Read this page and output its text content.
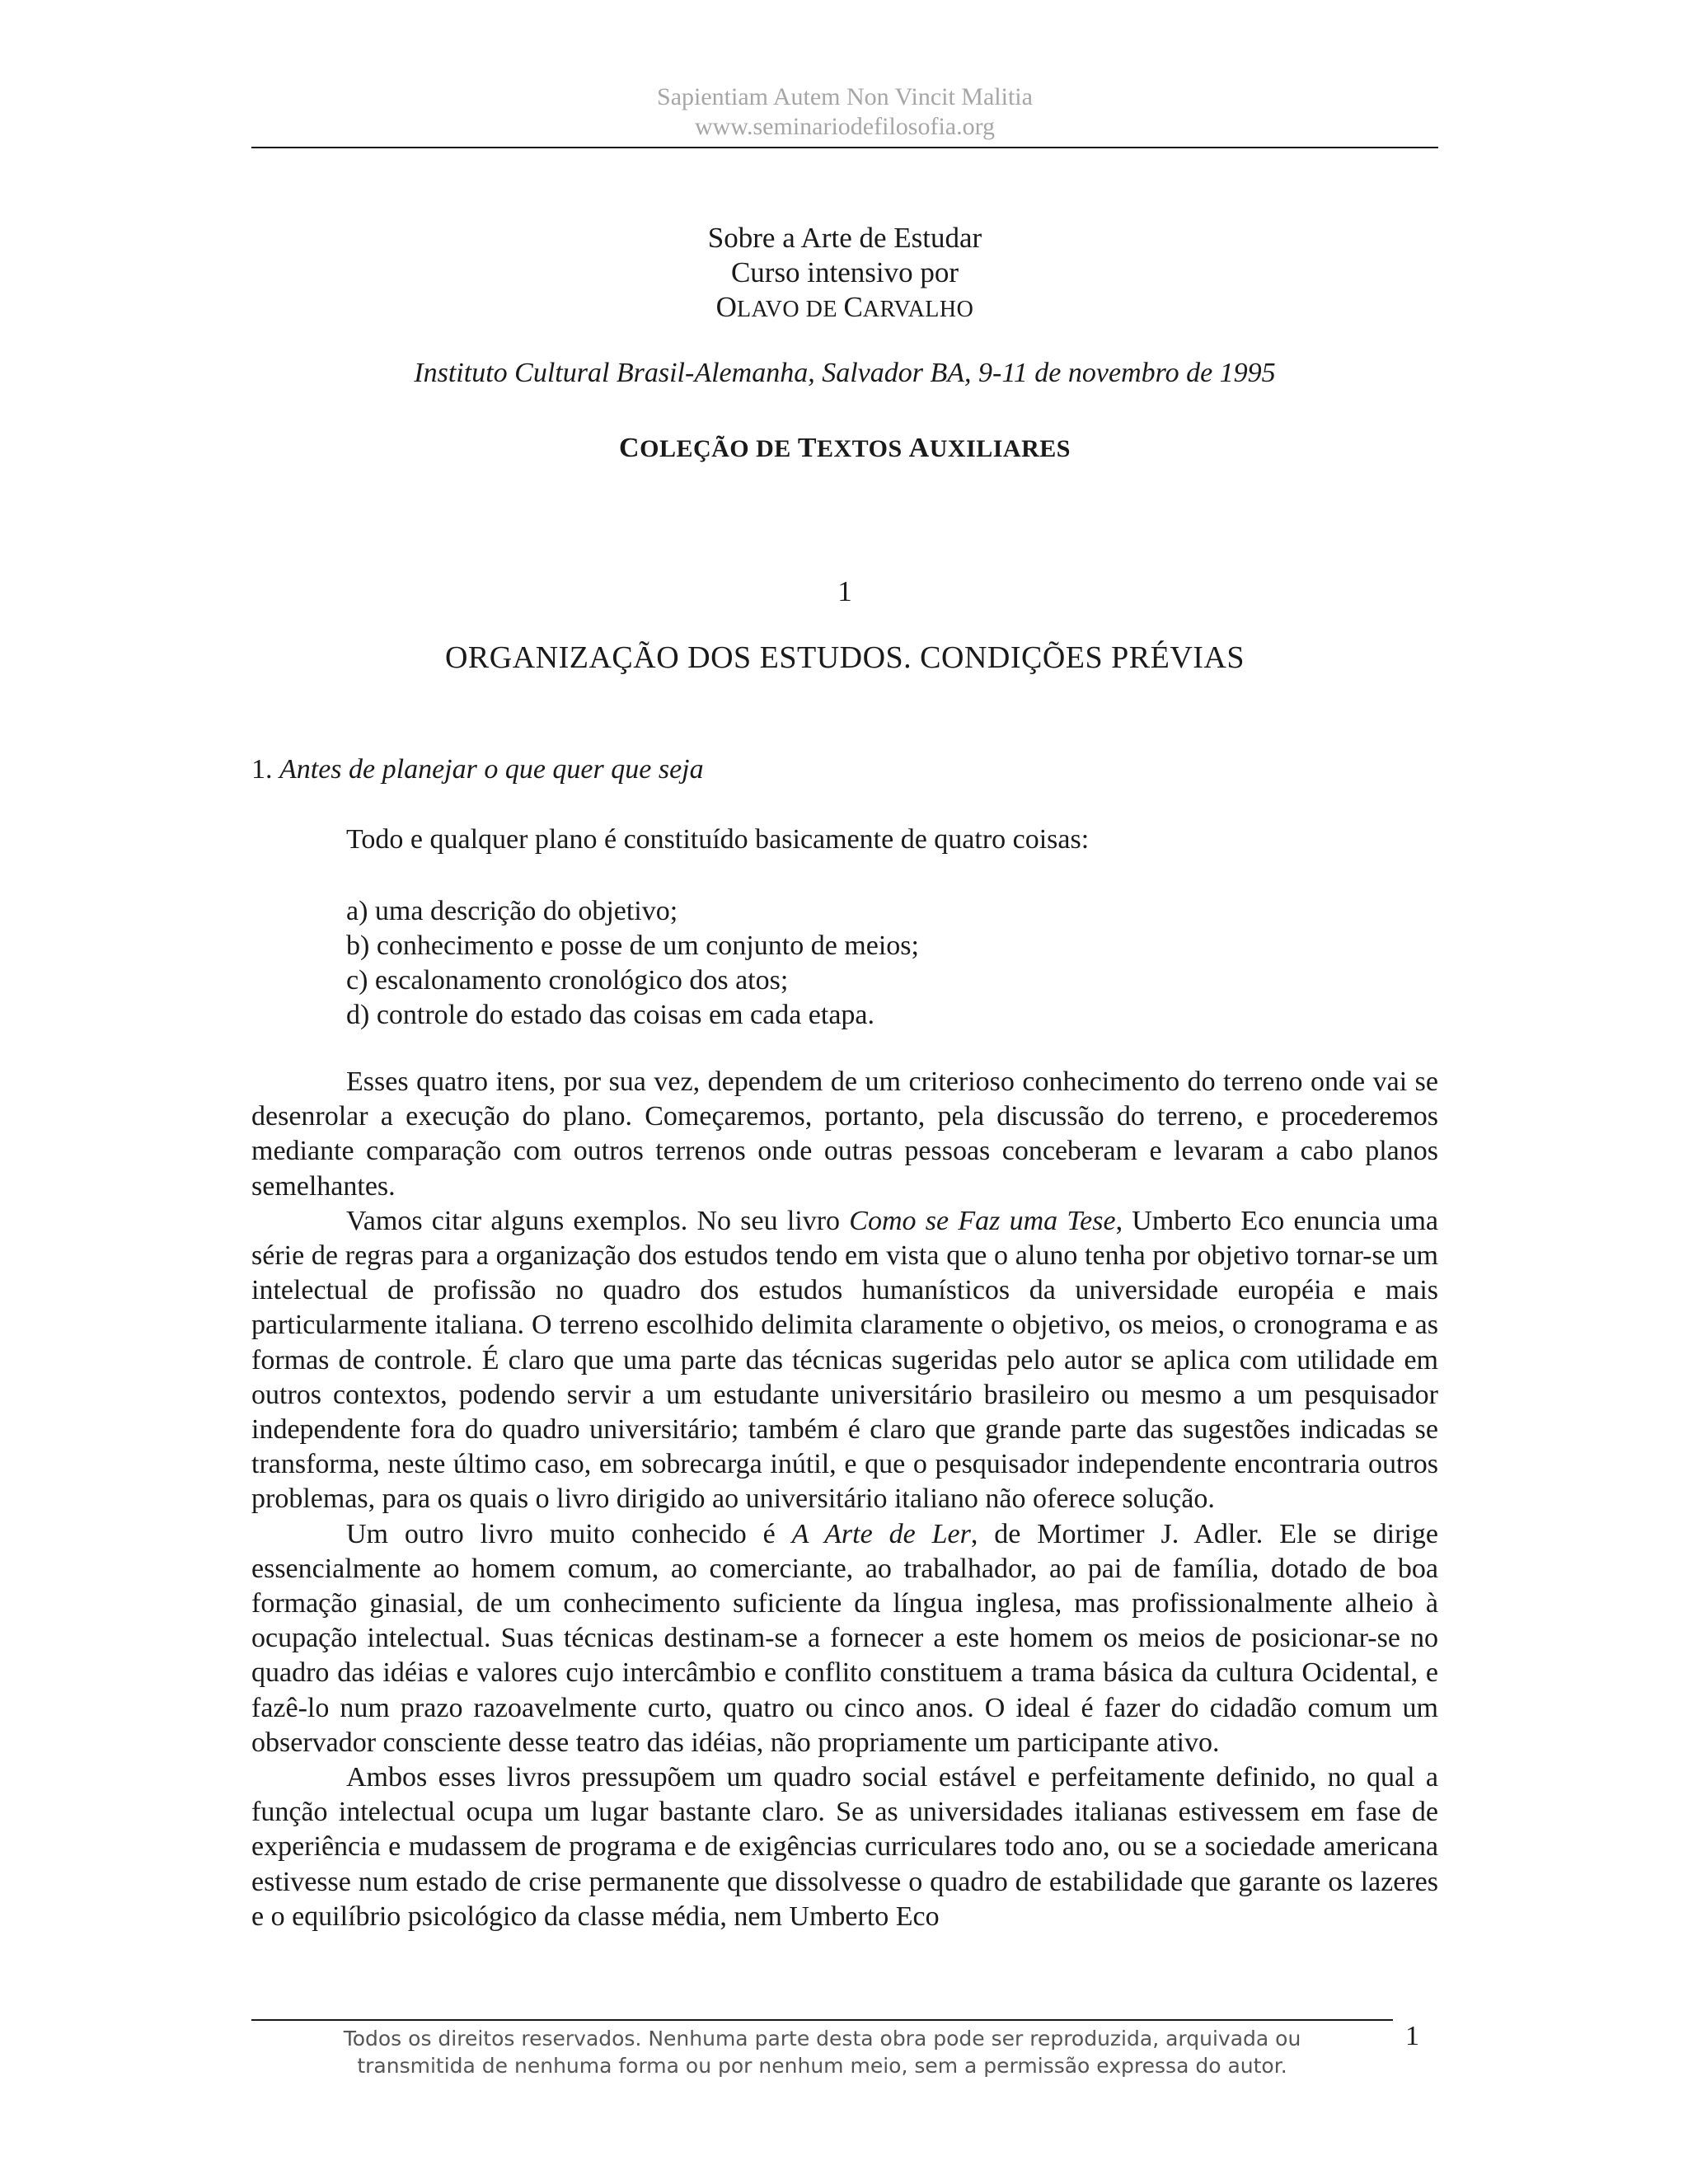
Sapientiam Autem Non Vincit Malitia
www.seminariodefilosofia.org
Sobre a Arte de Estudar
Curso intensivo por
OLAVO DE CARVALHO
Instituto Cultural Brasil-Alemanha, Salvador BA, 9-11 de novembro de 1995
COLEÇÃO DE TEXTOS AUXILIARES
1
ORGANIZAÇÃO DOS ESTUDOS. CONDIÇÕES PRÉVIAS
1. Antes de planejar o que quer que seja
Todo e qualquer plano é constituído basicamente de quatro coisas:
a) uma descrição do objetivo;
b) conhecimento e posse de um conjunto de meios;
c) escalonamento cronológico dos atos;
d) controle do estado das coisas em cada etapa.

Esses quatro itens, por sua vez, dependem de um criterioso conhecimento do terreno onde vai se desenrolar a execução do plano. Começaremos, portanto, pela discussão do terreno, e procederemos mediante comparação com outros terrenos onde outras pessoas conceberam e levaram a cabo planos semelhantes.

Vamos citar alguns exemplos. No seu livro Como se Faz uma Tese, Umberto Eco enuncia uma série de regras para a organização dos estudos tendo em vista que o aluno tenha por objetivo tornar-se um intelectual de profissão no quadro dos estudos humanísticos da universidade européia e mais particularmente italiana. O terreno escolhido delimita claramente o objetivo, os meios, o cronograma e as formas de controle. É claro que uma parte das técnicas sugeridas pelo autor se aplica com utilidade em outros contextos, podendo servir a um estudante universitário brasileiro ou mesmo a um pesquisador independente fora do quadro universitário; também é claro que grande parte das sugestões indicadas se transforma, neste último caso, em sobrecarga inútil, e que o pesquisador independente encontraria outros problemas, para os quais o livro dirigido ao universitário italiano não oferece solução.

Um outro livro muito conhecido é A Arte de Ler, de Mortimer J. Adler. Ele se dirige essencialmente ao homem comum, ao comerciante, ao trabalhador, ao pai de família, dotado de boa formação ginasial, de um conhecimento suficiente da língua inglesa, mas profissionalmente alheio à ocupação intelectual. Suas técnicas destinam-se a fornecer a este homem os meios de posicionar-se no quadro das idéias e valores cujo intercâmbio e conflito constituem a trama básica da cultura Ocidental, e fazê-lo num prazo razoavelmente curto, quatro ou cinco anos. O ideal é fazer do cidadão comum um observador consciente desse teatro das idéias, não propriamente um participante ativo.

Ambos esses livros pressupõem um quadro social estável e perfeitamente definido, no qual a função intelectual ocupa um lugar bastante claro. Se as universidades italianas estivessem em fase de experiência e mudassem de programa e de exigências curriculares todo ano, ou se a sociedade americana estivesse num estado de crise permanente que dissolvesse o quadro de estabilidade que garante os lazeres e o equilíbrio psicológico da classe média, nem Umberto Eco

Todos os direitos reservados. Nenhuma parte desta obra pode ser reproduzida, arquivada ou
transmitida de nenhuma forma ou por nenhum meio, sem a permissão expressa do autor.
1
